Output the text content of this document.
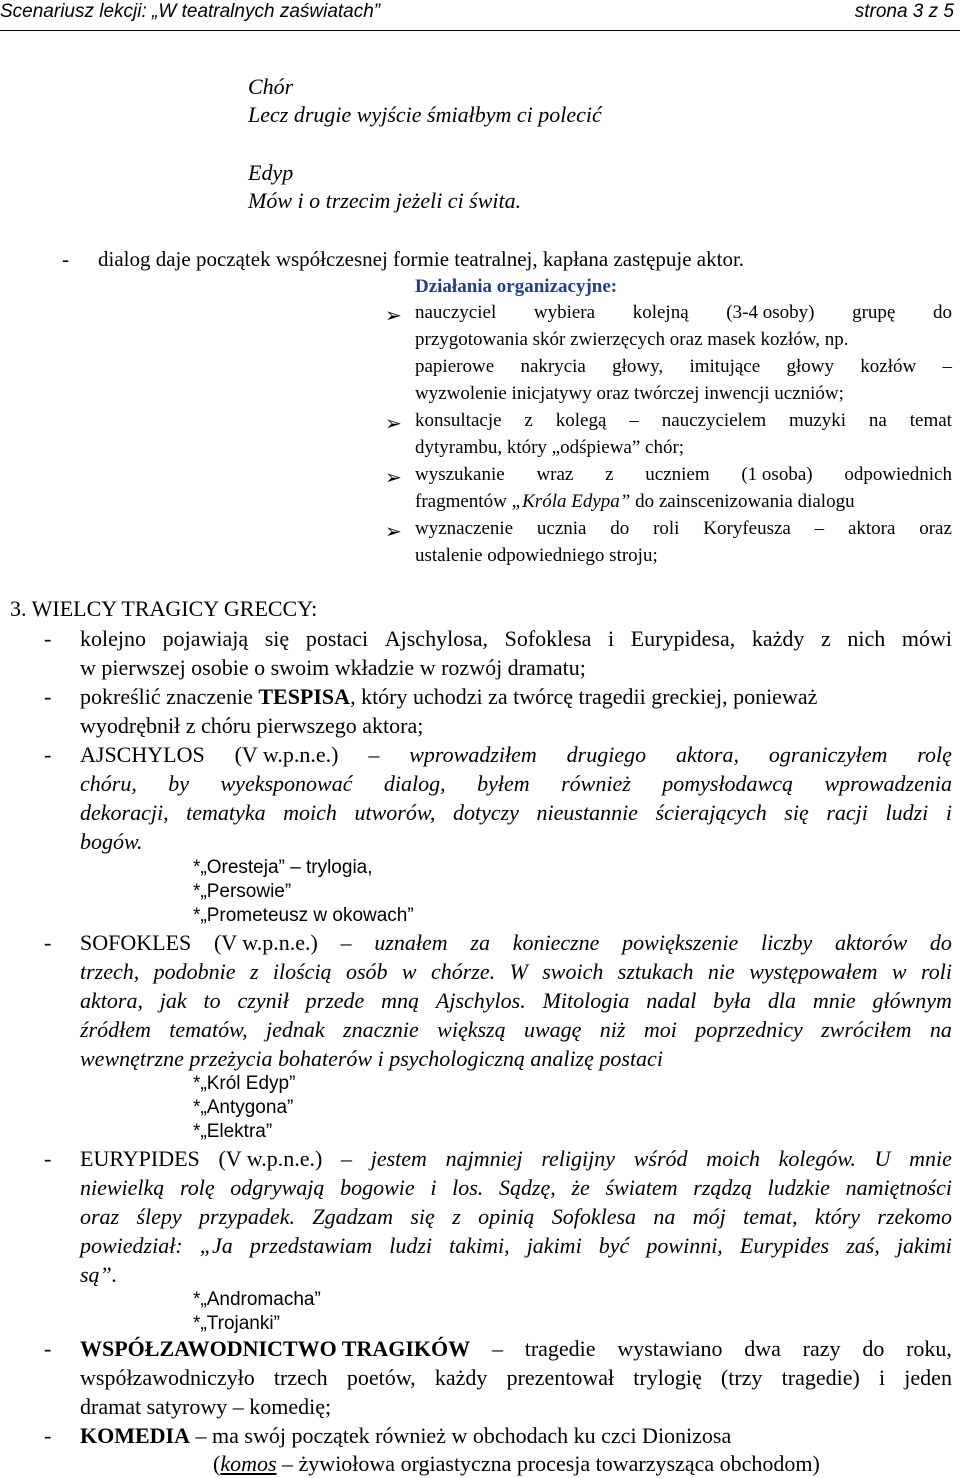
Scenariusz lekcji: „W teatralnych zaświatach”	strona 3 z 5
Chór
Lecz drugie wyjście śmiałbym ci polecić
Edyp
Mów i o trzecim jeżeli ci świta.
- dialog daje początek współczesnej formie teatralnej, kapłana zastępuje aktor.
Działania organizacyjne:
➢ nauczyciel wybiera kolejną (3-4 osoby) grupę do
przygotowania skór zwierzęcych oraz masek kozłów, np.
papierowe nakrycia głowy, imitujące głowy kozłów –
wyzwolenie inicjatywy oraz twórczej inwencji uczniów;
➢ konsultacje z kolegą – nauczycielem muzyki na temat
dytyrambu, który „odśpiewa” chór;
➢ wyszukanie wraz z uczniem (1 osoba) odpowiednich
fragmentów „Króla Edypa” do zainscenizowania dialogu
➢ wyznaczenie ucznia do roli Koryfeusza – aktora oraz
ustalenie odpowiedniego stroju;
3. WIELCY TRAGICY GRECCY:
- kolejno pojawiają się postaci Ajschylosa, Sofoklesa i Eurypidesa, każdy z nich mówi
w pierwszej osobie o swoim wkładzie w rozwój dramatu;
- pokreślić znaczenie TESPISA, który uchodzi za twórcę tragedii greckiej, ponieważ
wyodrębnił z chóru pierwszego aktora;
- AJSCHYLOS (V w.p.n.e.) – wprowadziłem drugiego aktora, ograniczyłem rolę
chóru, by wyeksponować dialog, byłem również pomysłodawcą wprowadzenia
dekoracji, tematyka moich utworów, dotyczy nieustannie ścierających się racji ludzi i
bogów.
*„Oresteja” – trylogia,
*„Persowie”
*„Prometeusz w okowach”
- SOFOKLES (V w.p.n.e.) – uznałem za konieczne powiększenie liczby aktorów do
trzech, podobnie z ilością osób w chórze. W swoich sztukach nie występowałem w roli
aktora, jak to czynił przede mną Ajschylos. Mitologia nadal była dla mnie głównym
źródłem tematów, jednak znacznie większą uwagę niż moi poprzednicy zwróciłem na
wewnętrzne przeżycia bohaterów i psychologiczną analizę postaci
*„Król Edyp”
*„Antygona”
*„Elektra”
- EURYPIDES (V w.p.n.e.) – jestem najmniej religijny wśród moich kolegów. U mnie
niewielką rolę odgrywają bogowie i los. Sądzę, że światem rządzą ludzkie namiętności
oraz ślepy przypadek. Zgadzam się z opinią Sofoklesa na mój temat, który rzekomo
powiedział: „Ja przedstawiam ludzi takimi, jakimi być powinni, Eurypides zaś, jakimi
są”.
*„Andromacha”
*„Trojanki”
- WSPÓŁZAWODNICTWO TRAGIKÓW – tragedie wystawiano dwa razy do roku,
współzawodniczyło trzech poetów, każdy prezentował trylogię (trzy tragedie) i jeden
dramat satyrowy – komedię;
- KOMEDIA – ma swój początek również w obchodach ku czci Dionizosa
(komos – żywiołowa orgiastyczna procesja towarzysząca obchodom)
